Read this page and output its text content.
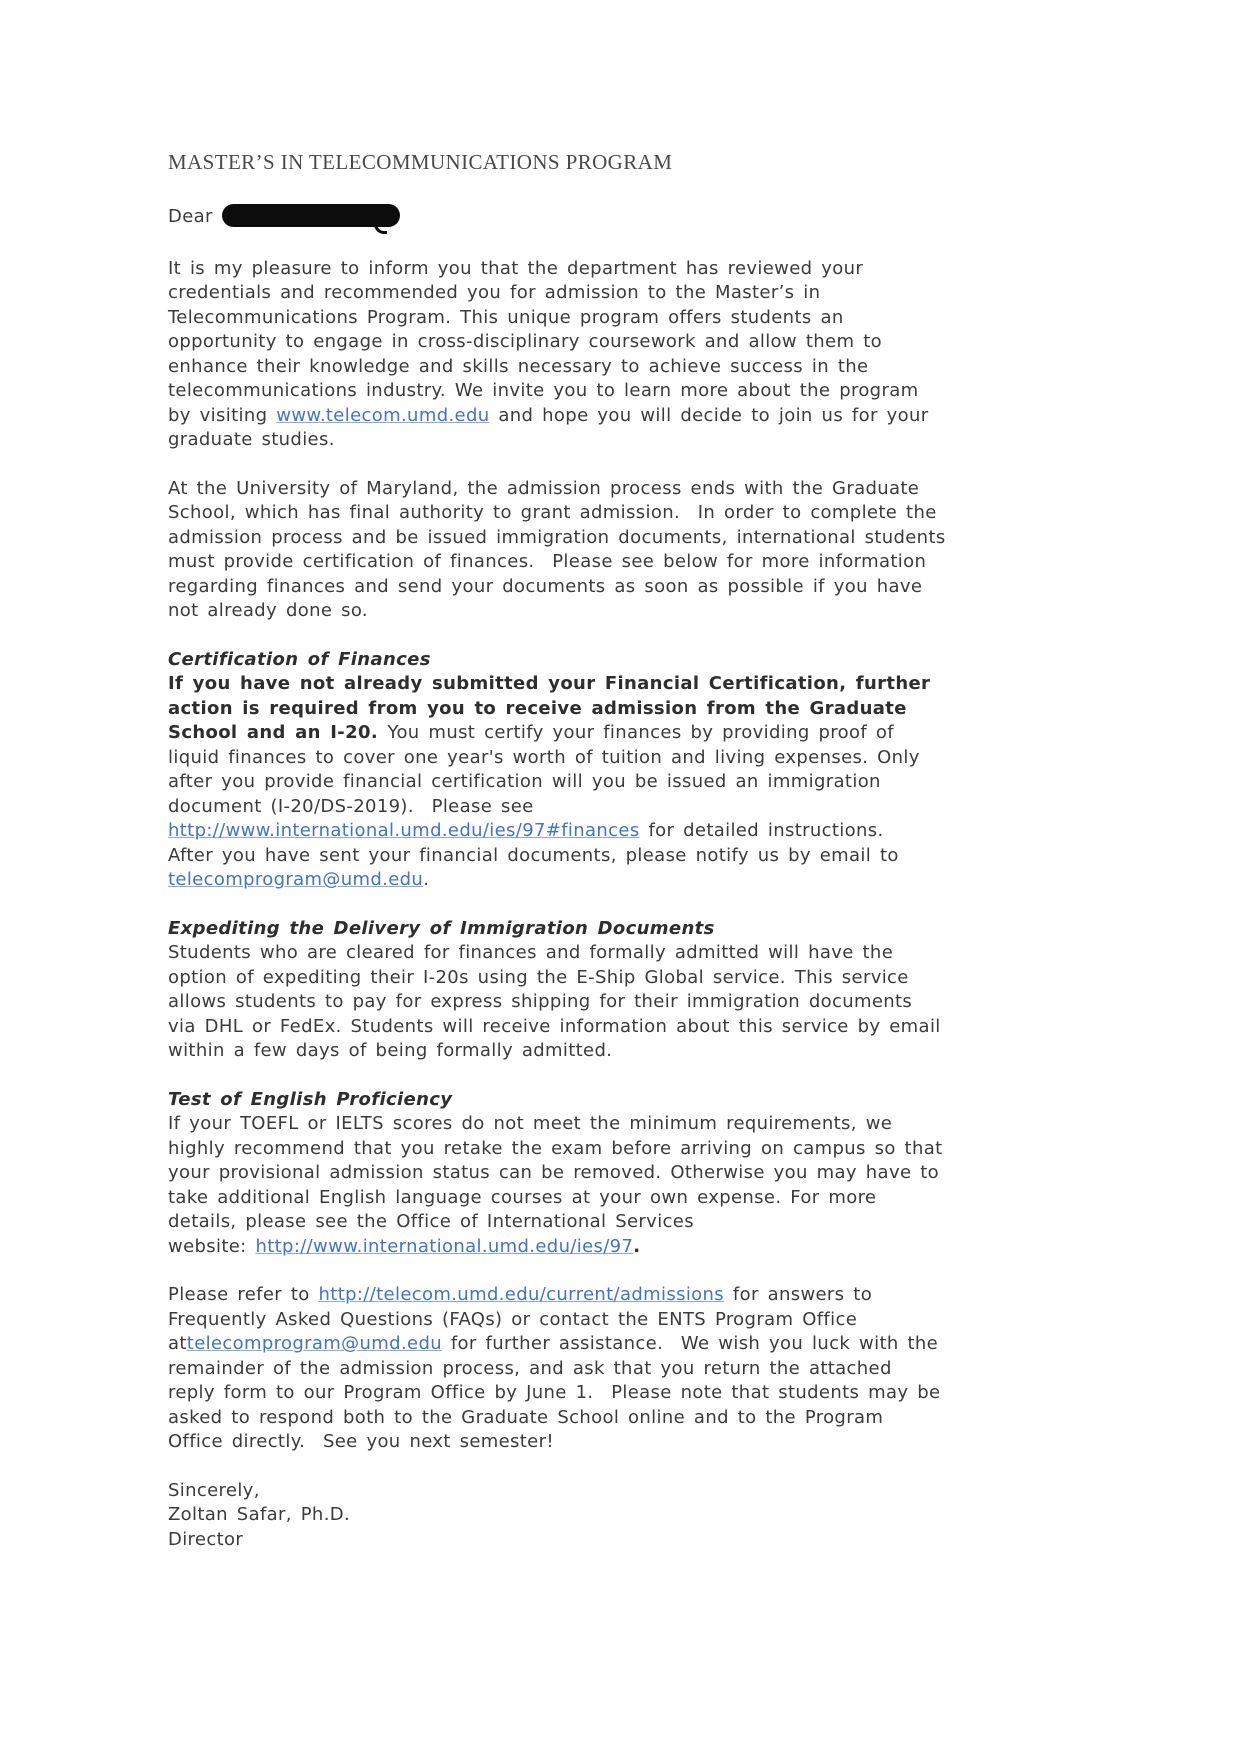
MASTER’S IN TELECOMMUNICATIONS PROGRAM

Dear

It is my pleasure to inform you that the department has reviewed your credentials and recommended you for admission to the Master’s in Telecommunications Program. This unique program offers students an opportunity to engage in cross-disciplinary coursework and allow them to enhance their knowledge and skills necessary to achieve success in the telecommunications industry. We invite you to learn more about the program by visiting www.telecom.umd.edu and hope you will decide to join us for your graduate studies.

At the University of Maryland, the admission process ends with the Graduate School, which has final authority to grant admission.  In order to complete the admission process and be issued immigration documents, international students must provide certification of finances.  Please see below for more information regarding finances and send your documents as soon as possible if you have not already done so.

Certification of Finances
If you have not already submitted your Financial Certification, further action is required from you to receive admission from the Graduate School and an I-20. You must certify your finances by providing proof of liquid finances to cover one year's worth of tuition and living expenses. Only after you provide financial certification will you be issued an immigration document (I-20/DS-2019).  Please see http://www.international.umd.edu/ies/97#finances for detailed instructions.  After you have sent your financial documents, please notify us by email to telecomprogram@umd.edu.

Expediting the Delivery of Immigration Documents
Students who are cleared for finances and formally admitted will have the option of expediting their I-20s using the E-Ship Global service. This service allows students to pay for express shipping for their immigration documents via DHL or FedEx. Students will receive information about this service by email within a few days of being formally admitted.

Test of English Proficiency
If your TOEFL or IELTS scores do not meet the minimum requirements, we highly recommend that you retake the exam before arriving on campus so that your provisional admission status can be removed. Otherwise you may have to take additional English language courses at your own expense. For more details, please see the Office of International Services
website: http://www.international.umd.edu/ies/97.

Please refer to http://telecom.umd.edu/current/admissions for answers to Frequently Asked Questions (FAQs) or contact the ENTS Program Office attelecomprogram@umd.edu for further assistance.  We wish you luck with the remainder of the admission process, and ask that you return the attached reply form to our Program Office by June 1.  Please note that students may be asked to respond both to the Graduate School online and to the Program Office directly.  See you next semester!

Sincerely,
Zoltan Safar, Ph.D.
Director
